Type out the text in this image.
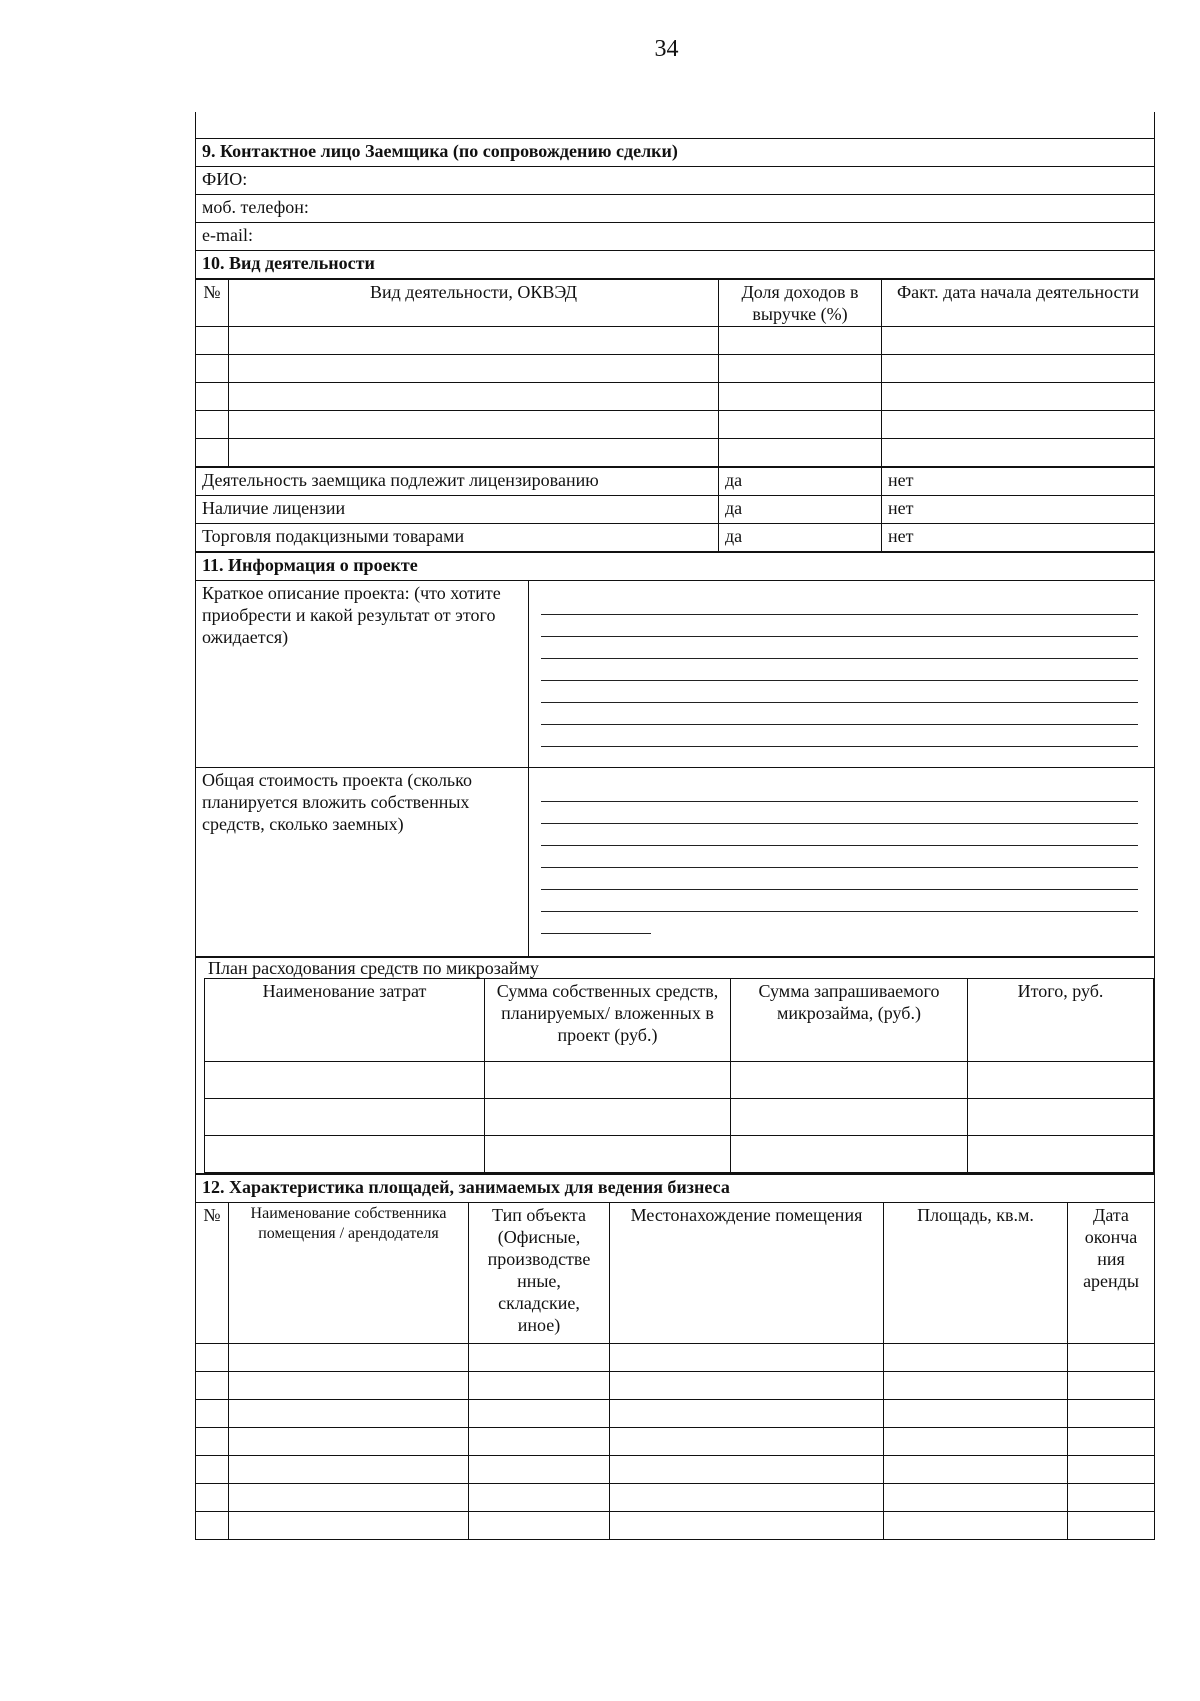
34
9. Контактное лицо Заемщика (по сопровождению сделки)
ФИО:
моб. телефон:
e-mail:
10. Вид деятельности
№	Вид деятельности, ОКВЭД	Доля доходов в выручке (%)	Факт. дата начала деятельности

Деятельность заемщика подлежит лицензированию	да	нет
Наличие лицензии	да	нет
Торговля подакцизными товарами	да	нет
11. Информация о проекте	
Краткое описание проекта: (что хотите приобрести и какой результат от этого ожидается)	

Общая стоимость проекта (сколько планируется вложить собственных средств, сколько заемных)	
План расходования средств по микрозайму
Наименование затрат	Сумма собственных средств, планируемых/ вложенных в проект (руб.)	Сумма запрашиваемого микрозайма, (руб.)	Итого, руб.

12. Характеристика площадей, занимаемых для ведения бизнеса					
№	Наименование собственника помещения / арендодателя	Тип объекта (Офисные, производстве нные, складские, иное)	Местонахождение помещения	Площадь, кв.м.	Дата оконча ния аренды
